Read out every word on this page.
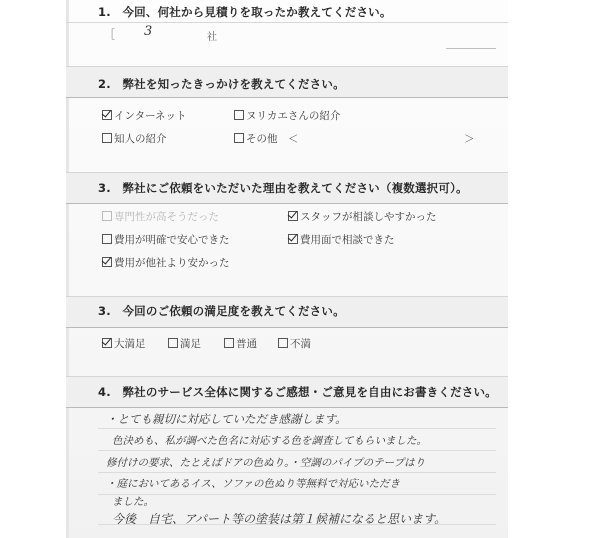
1.　今回、何社から見積りを取ったか教えてください。
［ 3	社
2.　弊社を知ったきっかけを教えてください。
インターネット	ヌリカエさんの紹介
知人の紹介	その他　＜	＞
3.　弊社にご依頼をいただいた理由を教えてください（複数選択可）。
専門性が高そうだった	スタッフが相談しやすかった
費用が明確で安心できた	費用面で相談できた
費用が他社より安かった
3.　今回のご依頼の満足度を教えてください。
大満足	満足	普通	不満
4.　弊社のサービス全体に関するご感想・ご意見を自由にお書きください。
・とても親切に対応していただき感謝します。
色決めも、私が調べた色名に対応する色を調査してもらいました。
修付けの要求、たとえばドアの色ぬり。・空調のパイプのテープはり
・庭においてあるイス、ソファの色ぬり等無料で対応いただき
ました。
今後　自宅、アパート等の塗装は第１候補になると思います。
